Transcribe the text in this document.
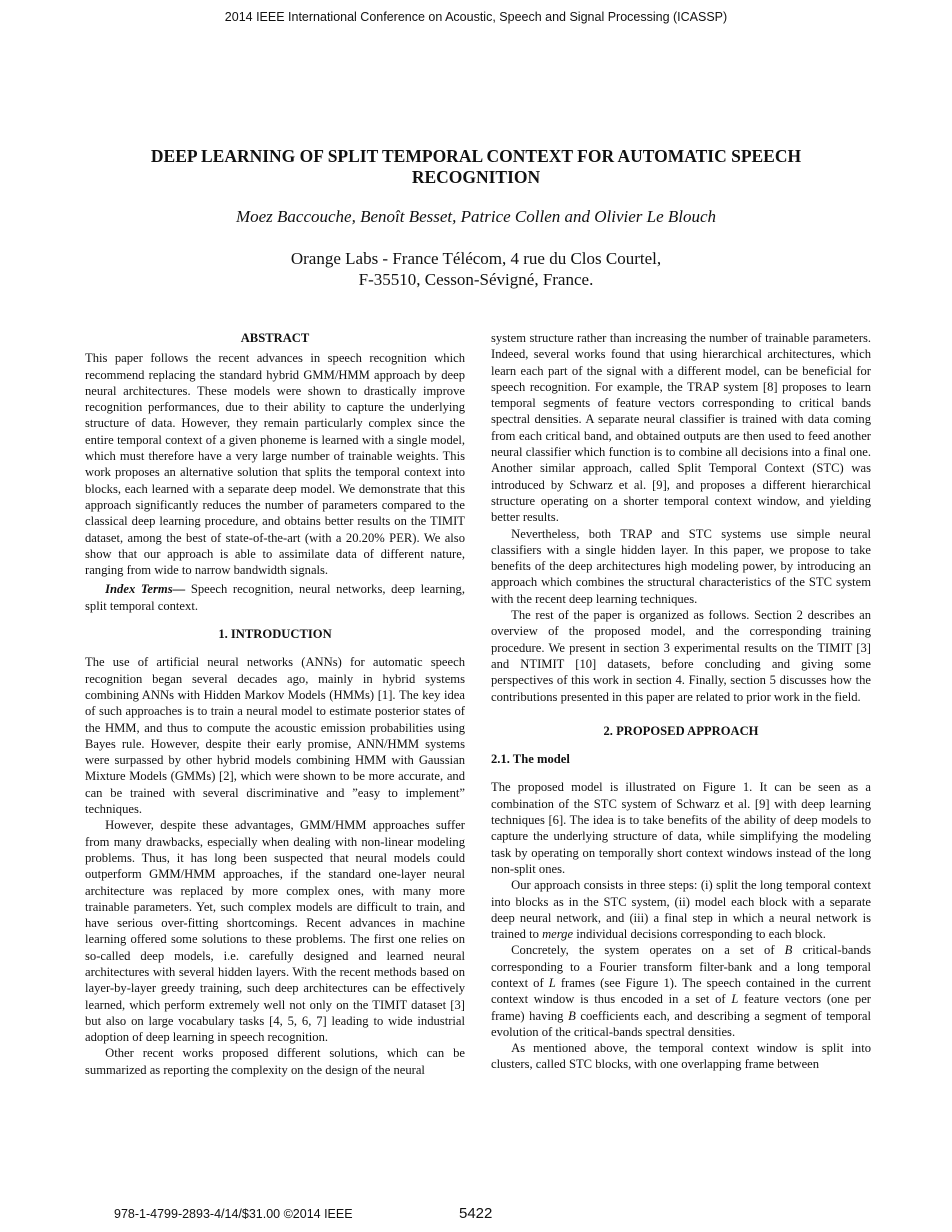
2014 IEEE International Conference on Acoustic, Speech and Signal Processing (ICASSP)
DEEP LEARNING OF SPLIT TEMPORAL CONTEXT FOR AUTOMATIC SPEECH
RECOGNITION
Moez Baccouche, Benoît Besset, Patrice Collen and Olivier Le Blouch
Orange Labs - France Télécom, 4 rue du Clos Courtel,
F-35510, Cesson-Sévigné, France.
ABSTRACT

This paper follows the recent advances in speech recognition which recommend replacing the standard hybrid GMM/HMM approach by deep neural architectures. These models were shown to drastically improve recognition performances, due to their ability to capture the underlying structure of data. However, they remain particularly complex since the entire temporal context of a given phoneme is learned with a single model, which must therefore have a very large number of trainable weights. This work proposes an alternative solution that splits the temporal context into blocks, each learned with a separate deep model. We demonstrate that this approach significantly reduces the number of parameters compared to the classical deep learning procedure, and obtains better results on the TIMIT dataset, among the best of state-of-the-art (with a 20.20% PER). We also show that our approach is able to assimilate data of different nature, ranging from wide to narrow bandwidth signals.

Index Terms— Speech recognition, neural networks, deep learning, split temporal context.

1. INTRODUCTION

The use of artificial neural networks (ANNs) for automatic speech recognition began several decades ago, mainly in hybrid systems combining ANNs with Hidden Markov Models (HMMs) [1]. The key idea of such approaches is to train a neural model to estimate posterior states of the HMM, and thus to compute the acoustic emission probabilities using Bayes rule. However, despite their early promise, ANN/HMM systems were surpassed by other hybrid models combining HMM with Gaussian Mixture Models (GMMs) [2], which were shown to be more accurate, and can be trained with several discriminative and ”easy to implement” techniques.

However, despite these advantages, GMM/HMM approaches suffer from many drawbacks, especially when dealing with non-linear modeling problems. Thus, it has long been suspected that neural models could outperform GMM/HMM approaches, if the standard one-layer neural architecture was replaced by more complex ones, with many more trainable parameters. Yet, such complex models are difficult to train, and have serious over-fitting shortcomings. Recent advances in machine learning offered some solutions to these problems. The first one relies on so-called deep models, i.e. carefully designed and learned neural architectures with several hidden layers. With the recent methods based on layer-by-layer greedy training, such deep architectures can be effectively learned, which perform extremely well not only on the TIMIT dataset [3] but also on large vocabulary tasks [4, 5, 6, 7] leading to wide industrial adoption of deep learning in speech recognition.

Other recent works proposed different solutions, which can be summarized as reporting the complexity on the design of the neural

system structure rather than increasing the number of trainable parameters. Indeed, several works found that using hierarchical architectures, which learn each part of the signal with a different model, can be beneficial for speech recognition. For example, the TRAP system [8] proposes to learn temporal segments of feature vectors corresponding to critical bands spectral densities. A separate neural classifier is trained with data coming from each critical band, and obtained outputs are then used to feed another neural classifier which function is to combine all decisions into a final one. Another similar approach, called Split Temporal Context (STC) was introduced by Schwarz et al. [9], and proposes a different hierarchical structure operating on a shorter temporal context window, and yielding better results.

Nevertheless, both TRAP and STC systems use simple neural classifiers with a single hidden layer. In this paper, we propose to take benefits of the deep architectures high modeling power, by introducing an approach which combines the structural characteristics of the STC system with the recent deep learning techniques.

The rest of the paper is organized as follows. Section 2 describes an overview of the proposed model, and the corresponding training procedure. We present in section 3 experimental results on the TIMIT [3] and NTIMIT [10] datasets, before concluding and giving some perspectives of this work in section 4. Finally, section 5 discusses how the contributions presented in this paper are related to prior work in the field.

2. PROPOSED APPROACH
2.1. The model

The proposed model is illustrated on Figure 1. It can be seen as a combination of the STC system of Schwarz et al. [9] with deep learning techniques [6]. The idea is to take benefits of the ability of deep models to capture the underlying structure of data, while simplifying the modeling task by operating on temporally short context windows instead of the long non-split ones.

Our approach consists in three steps: (i) split the long temporal context into blocks as in the STC system, (ii) model each block with a separate deep neural network, and (iii) a final step in which a neural network is trained to merge individual decisions corresponding to each block.

Concretely, the system operates on a set of B critical-bands corresponding to a Fourier transform filter-bank and a long temporal context of L frames (see Figure 1). The speech contained in the current context window is thus encoded in a set of L feature vectors (one per frame) having B coefficients each, and describing a segment of temporal evolution of the critical-bands spectral densities.

As mentioned above, the temporal context window is split into clusters, called STC blocks, with one overlapping frame between

978-1-4799-2893-4/14/$31.00 ©2014 IEEE	5422
